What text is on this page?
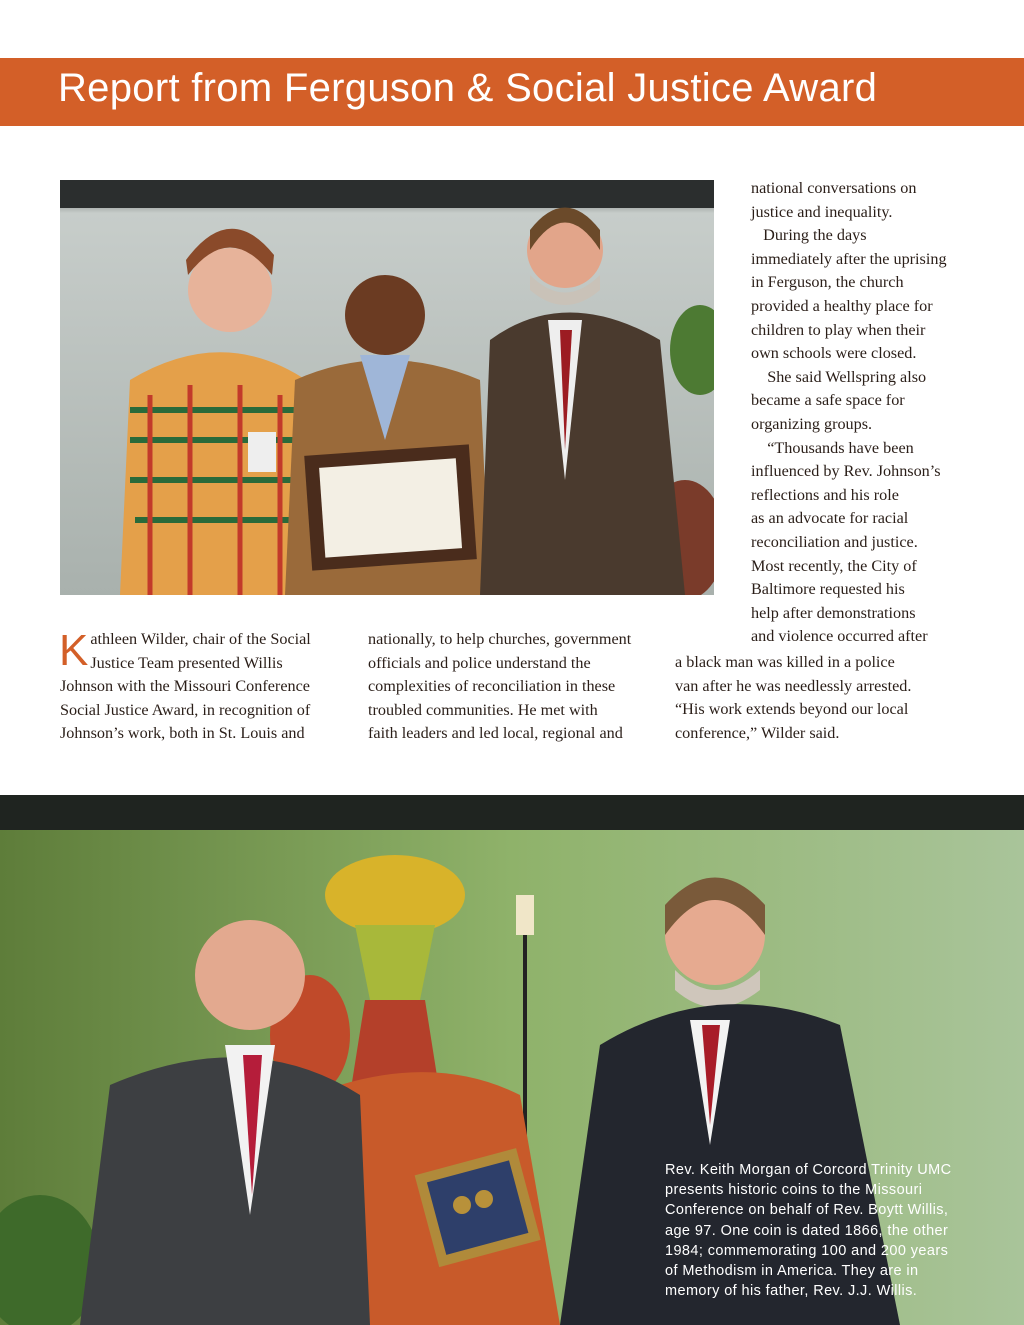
Report from Ferguson & Social Justice Award
K athleen Wilder, chair of the Social
Justice Team presented Willis
Johnson with the Missouri Conference
Social Justice Award, in recognition of
Johnson’s work, both in St. Louis and
nationally, to help churches, government
officials and police understand the
complexities of reconciliation in these
troubled communities. He met with
faith leaders and led local, regional and
national conversations on
justice and inequality.
During the days
immediately after the uprising
in Ferguson, the church
provided a healthy place for
children to play when their
own schools were closed.
She said Wellspring also
became a safe space for
organizing groups.
“Thousands have been
influenced by Rev. Johnson’s
reflections and his role
as an advocate for racial
reconciliation and justice.
Most recently, the City of
Baltimore requested his
help after demonstrations
and violence occurred after
a black man was killed in a police
van after he was needlessly arrested.
“His work extends beyond our local
conference,” Wilder said.
Rev. Keith Morgan of Corcord Trinity UMC
presents historic coins to the Missouri
Conference on behalf of Rev. Boytt Willis,
age 97. One coin is dated 1866, the other
1984; commemorating 100 and 200 years
of Methodism in America. They are in
memory of his father, Rev. J.J. Willis.
